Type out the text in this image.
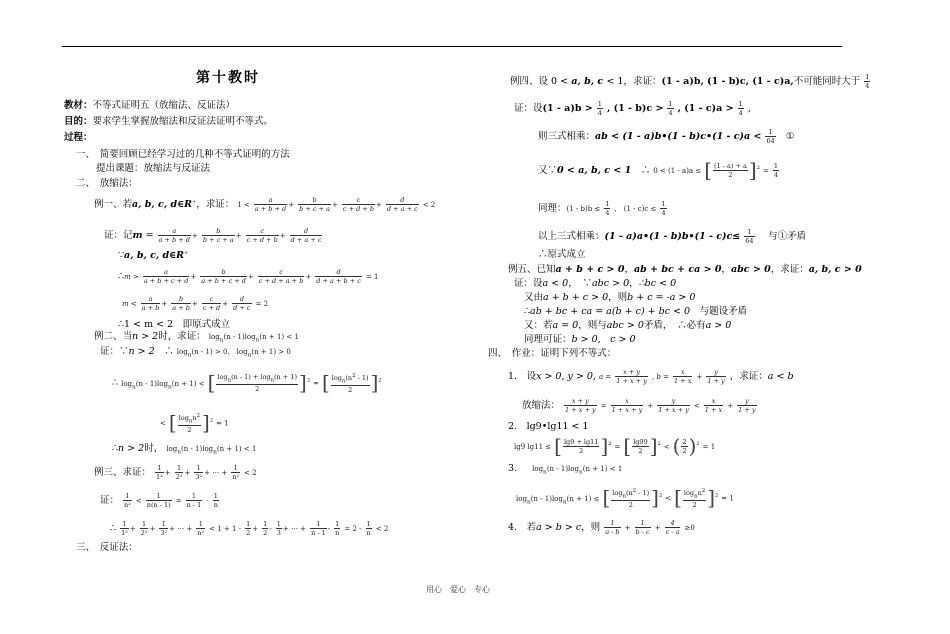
第十教时
教材：不等式证明五（放缩法、反证法）
目的：要求学生掌握放缩法和反证法证明不等式。
过程：
一、　简要回顾已经学习过的几种不等式证明的方法
提出课题：放缩法与反证法
二、　放缩法：
例一、若a, b, c, d∈R+，求证： $1 < \frac{a}{a + b + d} + \frac{b}{b + c + a} + \frac{c}{c + d + b} + \frac{d}{d + a + c} < 2$
证：记$m = \frac{a}{a + b + d} + \frac{b}{b + c + a} + \frac{c}{c + d + b} + \frac{d}{d + a + c}$
∵a, b, c, d∈R+
∴m > $\frac{a}{a + b + c + d} + \frac{b}{a + b + c + d} + \frac{c}{c + d + a + b} + \frac{d}{d + a + b + c} = 1$
$m < \frac{a}{a + b} + \frac{b}{a + b} + \frac{c}{c + d} + \frac{d}{d + c} = 2$
∴1 < m < 2　即原式成立
例二、当n > 2时，求证： $\log_n(n - 1)\log_n(n + 1) < 1$
证：∵n > 2　∴ $\log_n(n - 1) > 0$,　$\log_n(n + 1) > 0$
∴ $\log_n(n - 1)\log_n(n + 1)$ < [ $\frac{\log_n(n - 1) + \log_n(n + 1)}{2} ]^2$ = [ $\frac{\log_n(n^2 - 1)}{2} ]^2$
< [ $\frac{\log_nn^2}{2} ]^2 = 1$
∴n > 2时， $\log_n(n - 1)\log_n(n + 1) < 1$
例三、求证： $\frac{1}{\text{1²}} + \frac{1}{\text{2²}} + \frac{1}{\text{3²}}$ + ⋯ + $\frac{1}{\text{n²}} < 2$
证： $\frac{1}{\text{n²}} < \frac{1}{n(n - 1)} = \frac{1}{n - 1} - \frac{1}{n}$
∴ $\frac{1}{\text{1²}} + \frac{1}{\text{2²}} + \frac{1}{\text{3²}}$ + ⋯ + $\frac{1}{\text{n²}} < 1 + 1 - \frac{1}{2} + \frac{1}{2} - \frac{1}{3}$ + ⋯ + $\frac{1}{n - 1} - \frac{1}{n} = 2 - \frac{1}{n} < 2$
三、　反证法：
例四、设 0 < a, b, c < 1，求证：(1 - a)b, (1 - b)c, (1 - c)a,不可能同时大于 $\frac{1}{4}$
证：设$(1 - a)b > \frac{1}{4}$ , $(1 - b)c > \frac{1}{4}$ , $(1 - c)a > \frac{1}{4}$ ,
则三式相乘：ab < (1 - a)b•(1 - b)c•(1 - $c)a < \frac{1}{64}$ ①
又∵0 < a, b, c < 1　∴ 0 < (1 - a)a ≤ [ $\frac{(1 - a) + a}{2} ]^2 = \frac{1}{4}$
同理：$(1 - b)b \le \frac{1}{4}$ ,　$(1 - c)c \le \frac{1}{4}$
以上三式相乘：(1 - a)a•(1 - b)b•(1 - $c)c\le \frac{1}{64}$ 　与①矛盾
∴原式成立
例五、已知a + b + c > 0，ab + bc + ca > 0，abc > 0，求证：a, b, c > 0
证：设a < 0，　∵abc > 0，∴bc < 0
又由a + b + c > 0，则b + c = -a > 0
∴ab + bc + ca = a(b + c) + bc < 0　与题设矛盾
又：若a = 0，则与abc > 0矛盾，　∴必有a > 0
同理可证：b > 0,　c > 0
四、　作业：证明下列不等式：
1.　设x > 0, y > 0, $a = \frac{x + y}{1 + x + y}$ , $b = \frac{x}{1 + x} + \frac{y}{1 + y}$ ，求证：a < b
放缩法： $\frac{x + y}{1 + x + y} = \frac{x}{1 + x + y} + \frac{y}{1 + x + y} < \frac{x}{1 + x} + \frac{y}{1 + y}$
2.　lg9•lg11 < 1
lg9 lg11 ≤ [ $\frac{\lg 9 + \lg 11}{2} ]^2$ = [ $\frac{\lg 99}{2} ]^2$ < ( $\frac{2}{2} )^2 = 1$
3. $\log_n(n - 1)\log_n(n + 1) < 1$
$\log_n(n - 1)\log_n(n + 1)$ ≤ [ $\frac{\log_n(n^2 - 1)}{2} ]^2$ < [ $\frac{\log_nn^2}{2} ]^2 = 1$
4.　若a > b > c，则 $\frac{1}{a - b} + \frac{1}{b - c} + \frac{4}{c - a} \ge 0$
用心　爱心　专心
